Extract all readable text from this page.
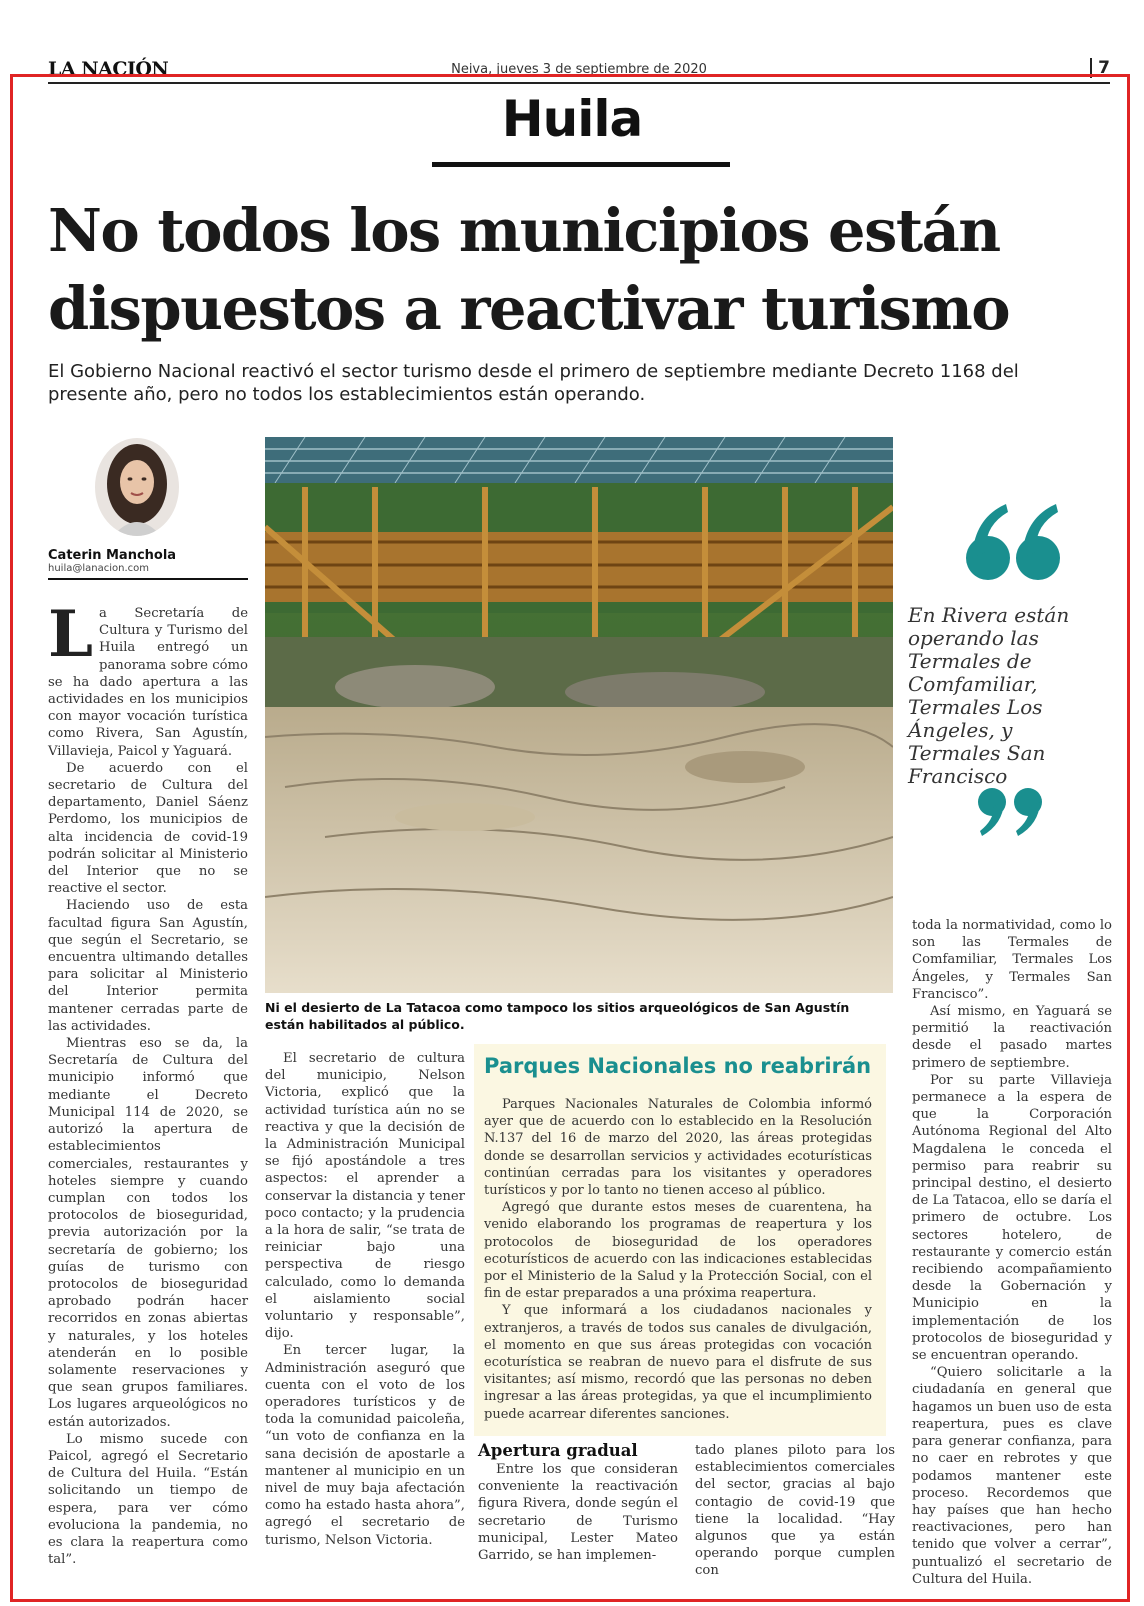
LA NACIÓN	Neiva, jueves 3 de septiembre de 2020	7
Huila
No todos los municipios están dispuestos a reactivar turismo

El Gobierno Nacional reactivó el sector turismo desde el primero de septiembre mediante Decreto 1168 del presente año, pero no todos los establecimientos están operando.

Caterin Manchola
huila@lanacion.com

La Secretaría de Cultura y Turismo del Huila entregó un panorama sobre cómo se ha dado apertura a las actividades en los municipios con mayor vocación turística como Rivera, San Agustín, Villavieja, Paicol y Yaguará.

De acuerdo con el secretario de Cultura del departamento, Daniel Sáenz Perdomo, los municipios de alta incidencia de covid-19 podrán solicitar al Ministerio del Interior que no se reactive el sector.

Haciendo uso de esta facultad figura San Agustín, que según el Secretario, se encuentra ultimando detalles para solicitar al Ministerio del Interior permita mantener cerradas parte de las actividades.

Mientras eso se da, la Secretaría de Cultura del municipio informó que mediante el Decreto Municipal 114 de 2020, se autorizó la apertura de establecimientos comerciales, restaurantes y hoteles siempre y cuando cumplan con todos los protocolos de bioseguridad, previa autorización por la secretaría de gobierno; los guías de turismo con protocolos de bioseguridad aprobado podrán hacer recorridos en zonas abiertas y naturales, y los hoteles atenderán en lo posible solamente reservaciones y que sean grupos familiares. Los lugares arqueológicos no están autorizados.

Lo mismo sucede con Paicol, agregó el Secretario de Cultura del Huila. “Están solicitando un tiempo de espera, para ver cómo evoluciona la pandemia, no es clara la reapertura como tal”.

Ni el desierto de La Tatacoa como tampoco los sitios arqueológicos de San Agustín están habilitados al público.
En Rivera están operando las Termales de Comfamiliar, Termales Los Ángeles, y Termales San Francisco

El secretario de cultura del municipio, Nelson Victoria, explicó que la actividad turística aún no se reactiva y que la decisión de la Administración Municipal se fijó apostándole a tres aspectos: el aprender a conservar la distancia y tener poco contacto; y la prudencia a la hora de salir, “se trata de reiniciar bajo una perspectiva de riesgo calculado, como lo demanda el aislamiento social voluntario y responsable”, dijo.

En tercer lugar, la Administración aseguró que cuenta con el voto de los operadores turísticos y de toda la comunidad paicoleña, “un voto de confianza en la sana decisión de apostarle a mantener al municipio en un nivel de muy baja afectación como ha estado hasta ahora”, agregó el secretario de turismo, Nelson Victoria.

Parques Nacionales no reabrirán

Parques Nacionales Naturales de Colombia informó ayer que de acuerdo con lo establecido en la Resolución N.137 del 16 de marzo del 2020, las áreas protegidas donde se desarrollan servicios y actividades ecoturísticas continúan cerradas para los visitantes y operadores turísticos y por lo tanto no tienen acceso al público.

Agregó que durante estos meses de cuarentena, ha venido elaborando los programas de reapertura y los protocolos de bioseguridad de los operadores ecoturísticos de acuerdo con las indicaciones establecidas por el Ministerio de la Salud y la Protección Social, con el fin de estar preparados a una próxima reapertura.

Y que informará a los ciudadanos nacionales y extranjeros, a través de todos sus canales de divulgación, el momento en que sus áreas protegidas con vocación ecoturística se reabran de nuevo para el disfrute de sus visitantes; así mismo, recordó que las personas no deben ingresar a las áreas protegidas, ya que el incumplimiento puede acarrear diferentes sanciones.

Apertura gradual

Entre los que consideran conveniente la reactivación figura Rivera, donde según el secretario de Turismo municipal, Lester Mateo Garrido, se han implemen-

tado planes piloto para los establecimientos comerciales del sector, gracias al bajo contagio de covid-19 que tiene la localidad. “Hay algunos que ya están operando porque cumplen con

toda la normatividad, como lo son las Termales de Comfamiliar, Termales Los Ángeles, y Termales San Francisco”.

Así mismo, en Yaguará se permitió la reactivación desde el pasado martes primero de septiembre.

Por su parte Villavieja permanece a la espera de que la Corporación Autónoma Regional del Alto Magdalena le conceda el permiso para reabrir su principal destino, el desierto de La Tatacoa, ello se daría el primero de octubre. Los sectores hotelero, de restaurante y comercio están recibiendo acompañamiento desde la Gobernación y Municipio en la implementación de los protocolos de bioseguridad y se encuentran operando.

“Quiero solicitarle a la ciudadanía en general que hagamos un buen uso de esta reapertura, pues es clave para generar confianza, para no caer en rebrotes y que podamos mantener este proceso. Recordemos que hay países que han hecho reactivaciones, pero han tenido que volver a cerrar”, puntualizó el secretario de Cultura del Huila.
